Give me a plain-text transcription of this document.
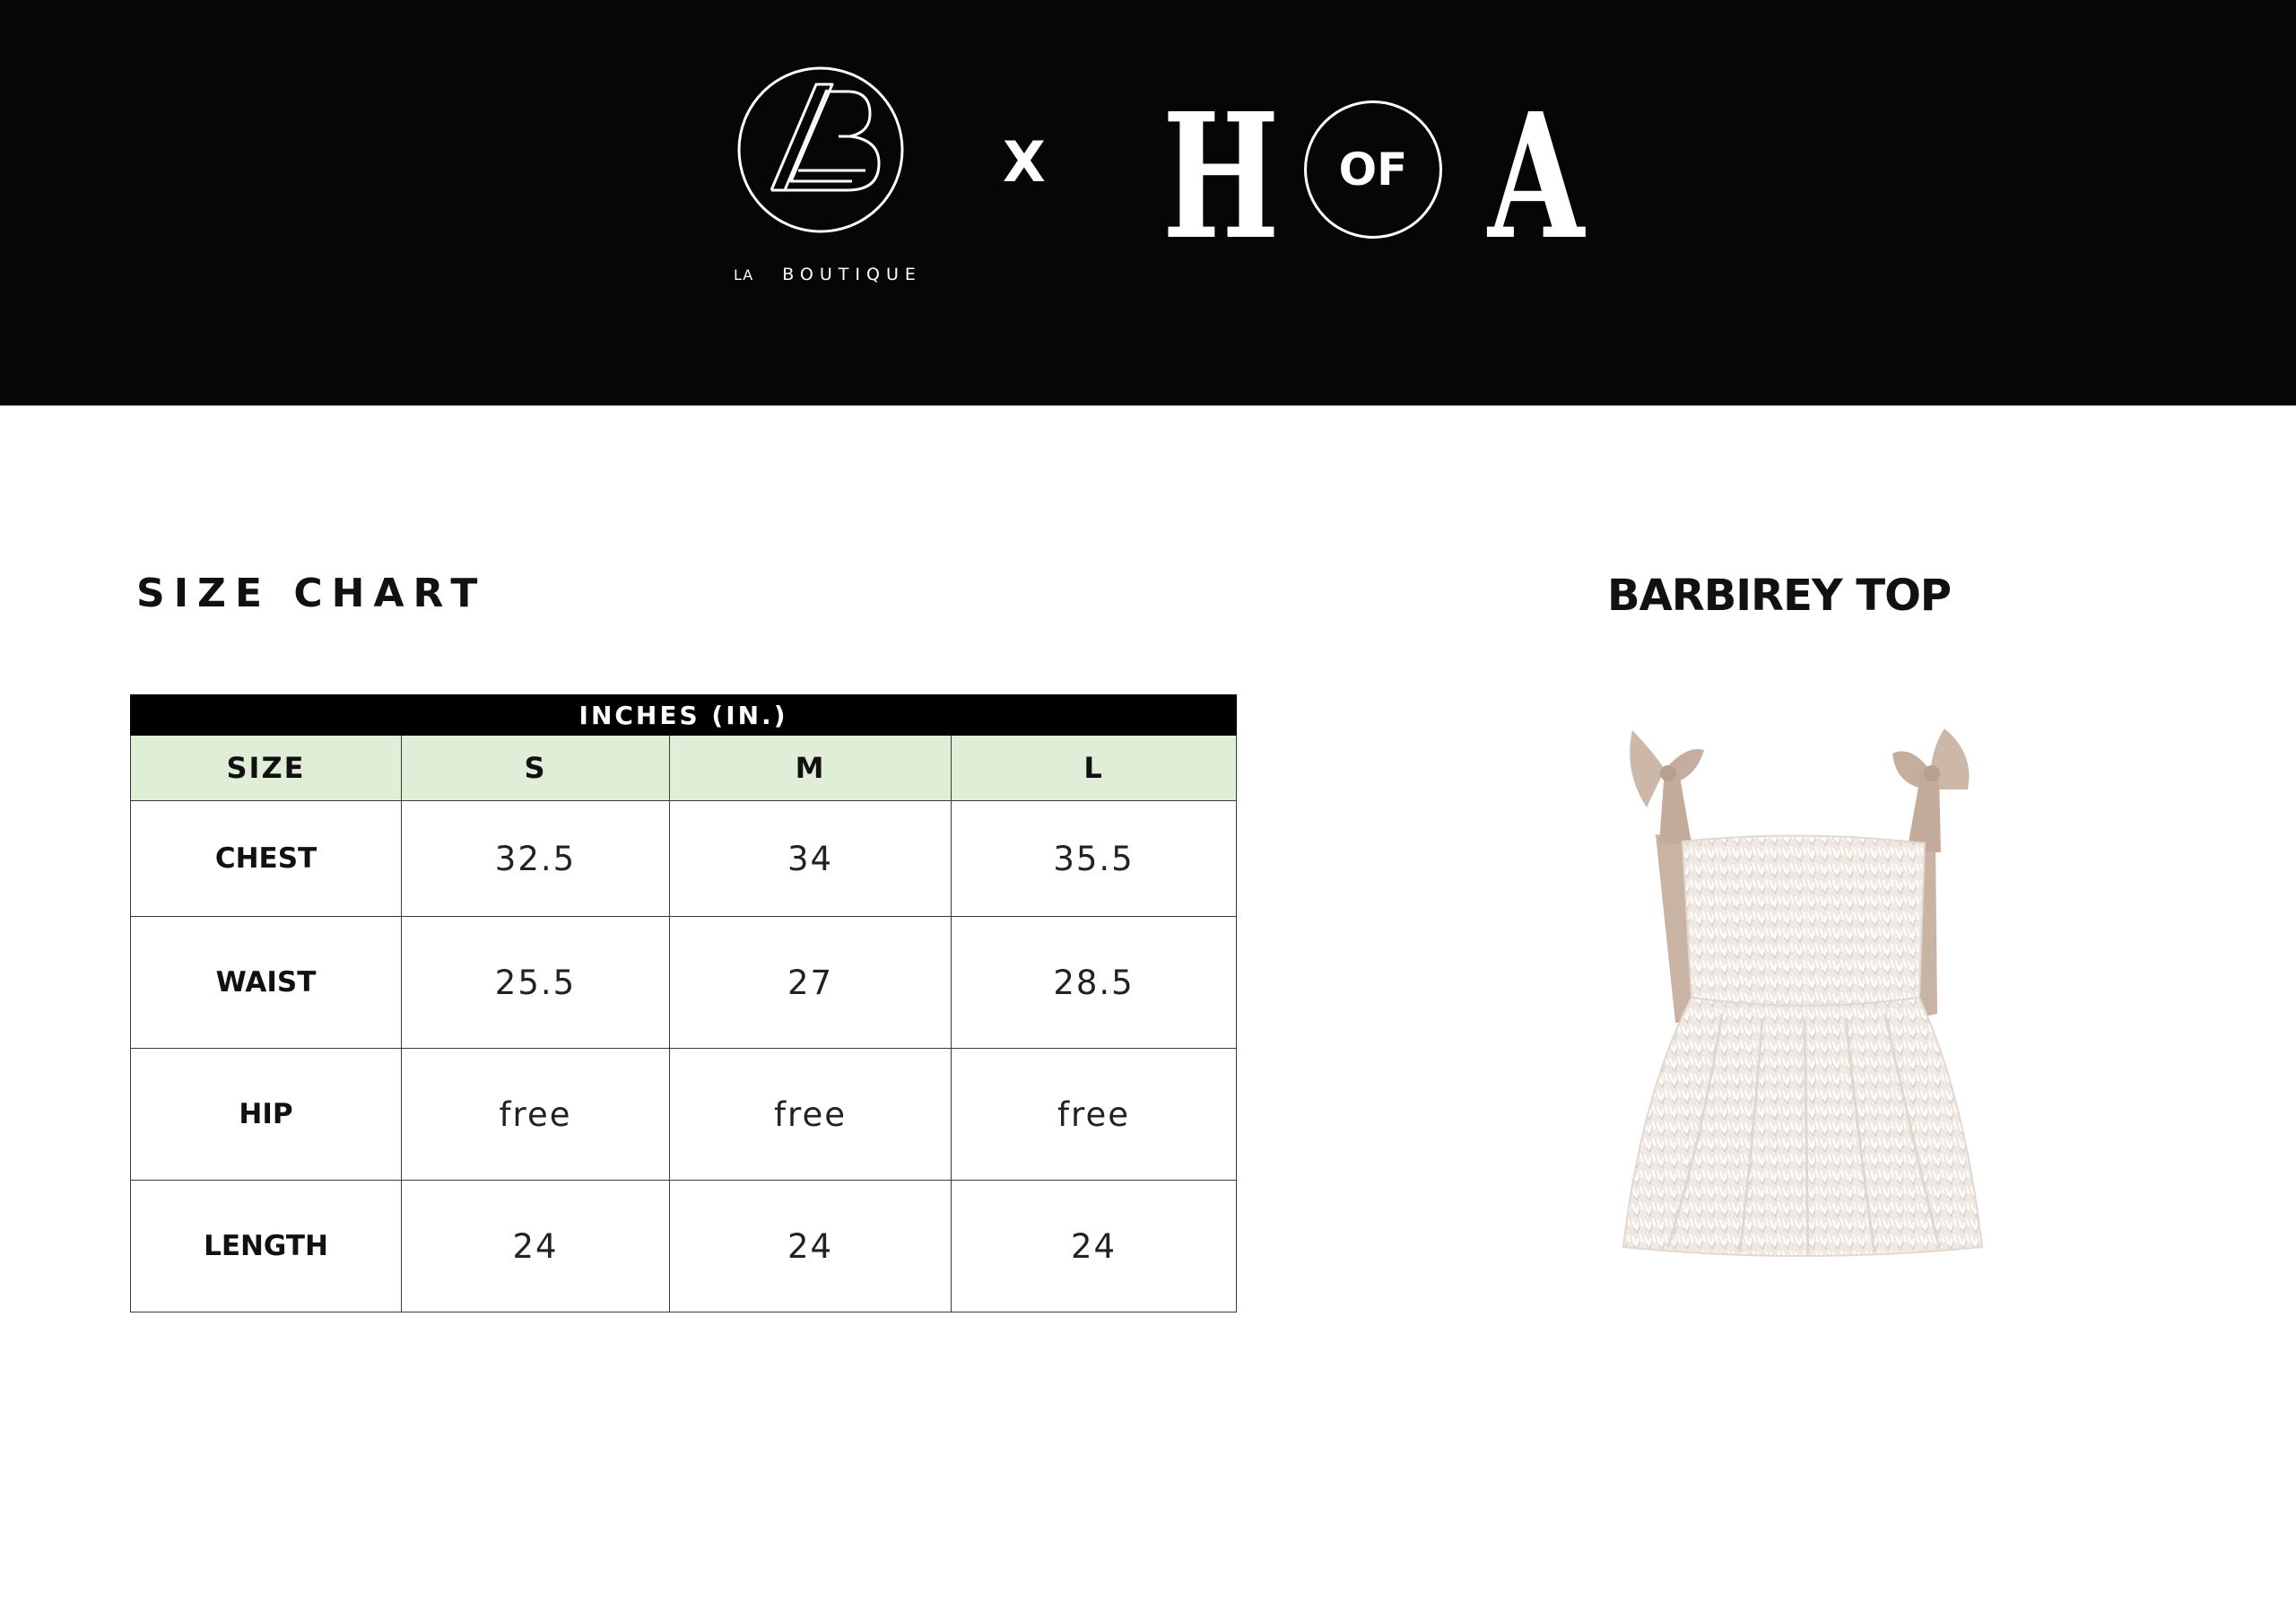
LA BOUTIQUE
X H	OF A
SIZE CHART	BARBIREY TOP
INCHES (IN.)			
SIZE	S	M	L
CHEST	32.5	34	35.5
WAIST	25.5	27	28.5
HIP	free	free	free
LENGTH	24	24	24
